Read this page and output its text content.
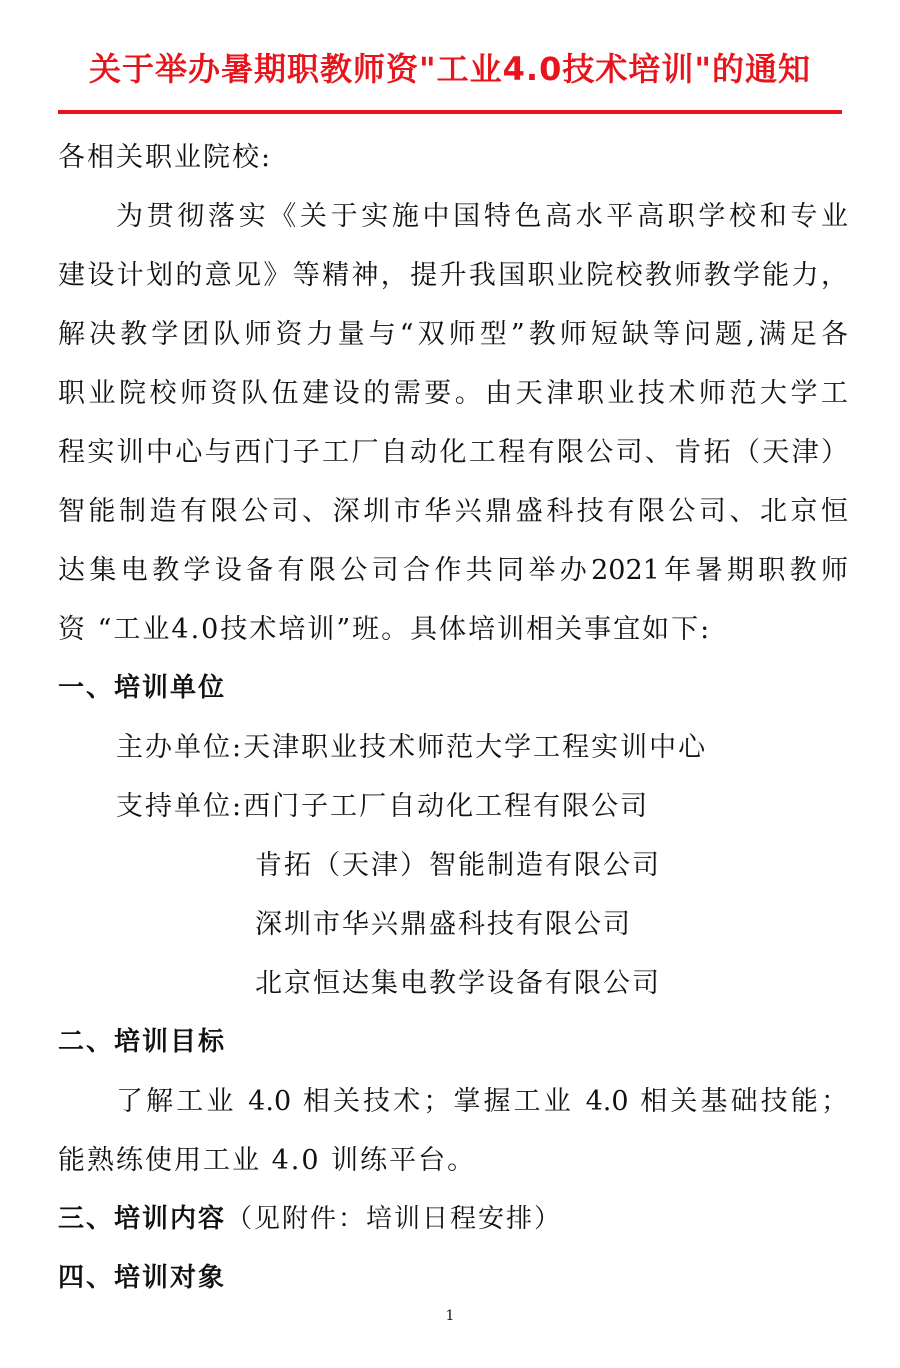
关于举办暑期职教师资"工业4.0技术培训"的通知
各相关职业院校:
为贯彻落实《关于实施中国特色高水平高职学校和专业
建设计划的意见》等精神，提升我国职业院校教师教学能力，
解决教学团队师资力量与“双师型”教师短缺等问题,满足各
职业院校师资队伍建设的需要。由天津职业技术师范大学工
程实训中心与西门子工厂自动化工程有限公司、肯拓（天津）
智能制造有限公司、深圳市华兴鼎盛科技有限公司、北京恒
达集电教学设备有限公司合作共同举办2021年暑期职教师
资 “工业4.0技术培训”班。具体培训相关事宜如下:
一、培训单位
主办单位:天津职业技术师范大学工程实训中心
支持单位:西门子工厂自动化工程有限公司
肯拓（天津）智能制造有限公司
深圳市华兴鼎盛科技有限公司
北京恒达集电教学设备有限公司
二、培训目标
了解工业 4.0 相关技术；掌握工业 4.0 相关基础技能；
能熟练使用工业 4.0 训练平台。
三、培训内容（见附件：培训日程安排）
四、培训对象
1
